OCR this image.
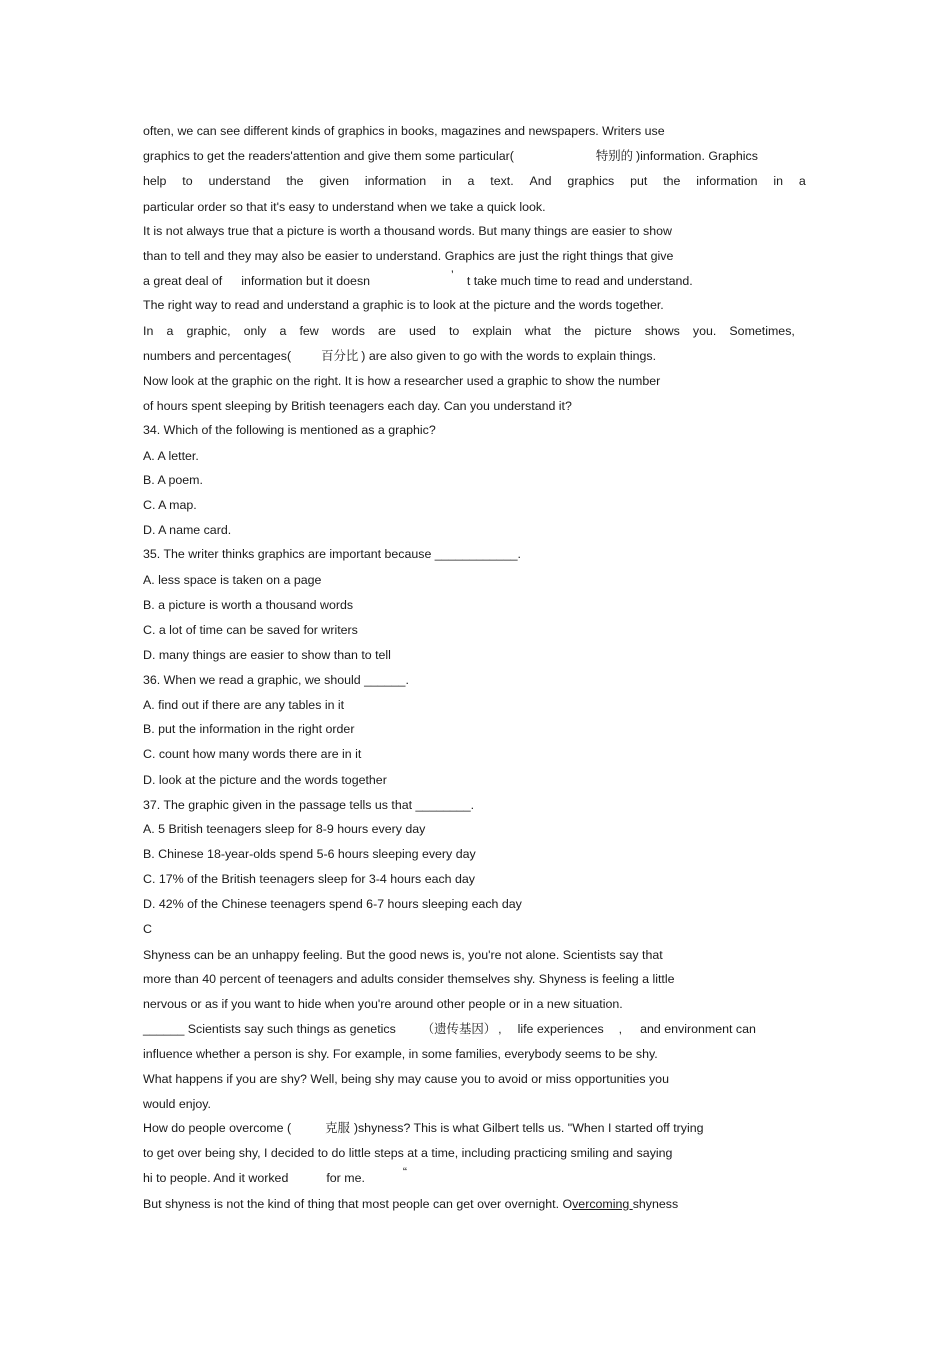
often, we can see different kinds of graphics in books, magazines and newspapers. Writers use
graphics to get the readers'attention and give them some particular(	特别的 )information. Graphics
help to understand the given information in a text. And graphics put the information in a
particular order so that it's easy to understand when we take a quick look.
It is not always true that a picture is worth a thousand words. But many things are easier to show
than to tell and they may also be easier to understand. Graphics are just the right things that give
a great deal of information but it doesn	’ t take much time to read and understand.
The right way to read and understand a graphic is to look at the picture and the words together.
In a graphic, only a few words are used to explain what the picture shows you. Sometimes,
numbers and percentages( 百分比 ) are also given to go with the words to explain things.
Now look at the graphic on the right. It is how a researcher used a graphic to show the number
of hours spent sleeping by British teenagers each day. Can you understand it?
34. Which of the following is mentioned as a graphic?
A. A letter.
B. A poem.
C. A map.
D. A name card.
35. The writer thinks graphics are important because ____________.
A. less space is taken on a page
B. a picture is worth a thousand words
C. a lot of time can be saved for writers
D. many things are easier to show than to tell
36. When we read a graphic, we should ______.
A. find out if there are any tables in it
B. put the information in the right order
C. count how many words there are in it
D. look at the picture and the words together
37. The graphic given in the passage tells us that ________.
A. 5 British teenagers sleep for 8-9 hours every day
B. Chinese 18-year-olds spend 5-6 hours sleeping every day
C. 17% of the British teenagers sleep for 3-4 hours each day
D. 42% of the Chinese teenagers spend 6-7 hours sleeping each day
C
Shyness can be an unhappy feeling. But the good news is, you're not alone. Scientists say that
more than 40 percent of teenagers and adults consider themselves shy. Shyness is feeling a little
nervous or as if you want to hide when you're around other people or in a new situation.
______ Scientists say such things as genetics （遗传基因） , life experiences , and environment can
influence whether a person is shy. For example, in some families, everybody seems to be shy.
What happens if you are shy? Well, being shy may cause you to avoid or miss opportunities you
would enjoy.
How do people overcome (	克服 )shyness? This is what Gilbert tells us. "When I started off trying
to get over being shy, I decided to do little steps at a time, including practicing smiling and saying
hi to people. And it worked	for me.	“
But shyness is not the kind of thing that most people can get over overnight. Overcoming shyness
